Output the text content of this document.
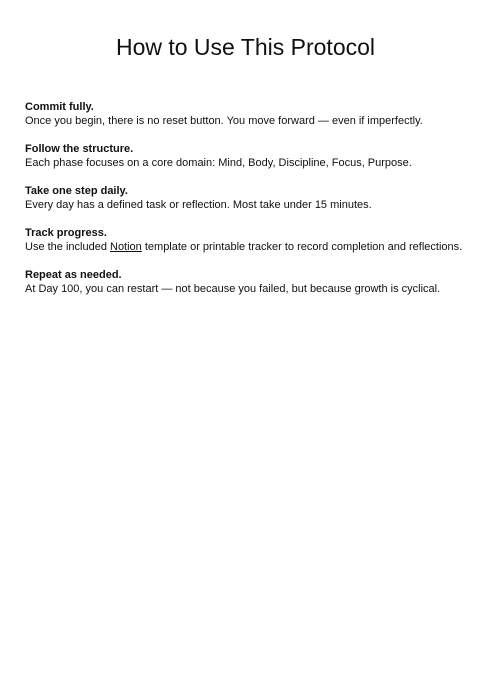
How to Use This Protocol

Commit fully.

Once you begin, there is no reset button. You move forward — even if imperfectly.

Follow the structure.

Each phase focuses on a core domain: Mind, Body, Discipline, Focus, Purpose.

Take one step daily.

Every day has a defined task or reflection. Most take under 15 minutes.

Track progress.

Use the included Notion template or printable tracker to record completion and reflections.

Repeat as needed.

At Day 100, you can restart — not because you failed, but because growth is cyclical.
